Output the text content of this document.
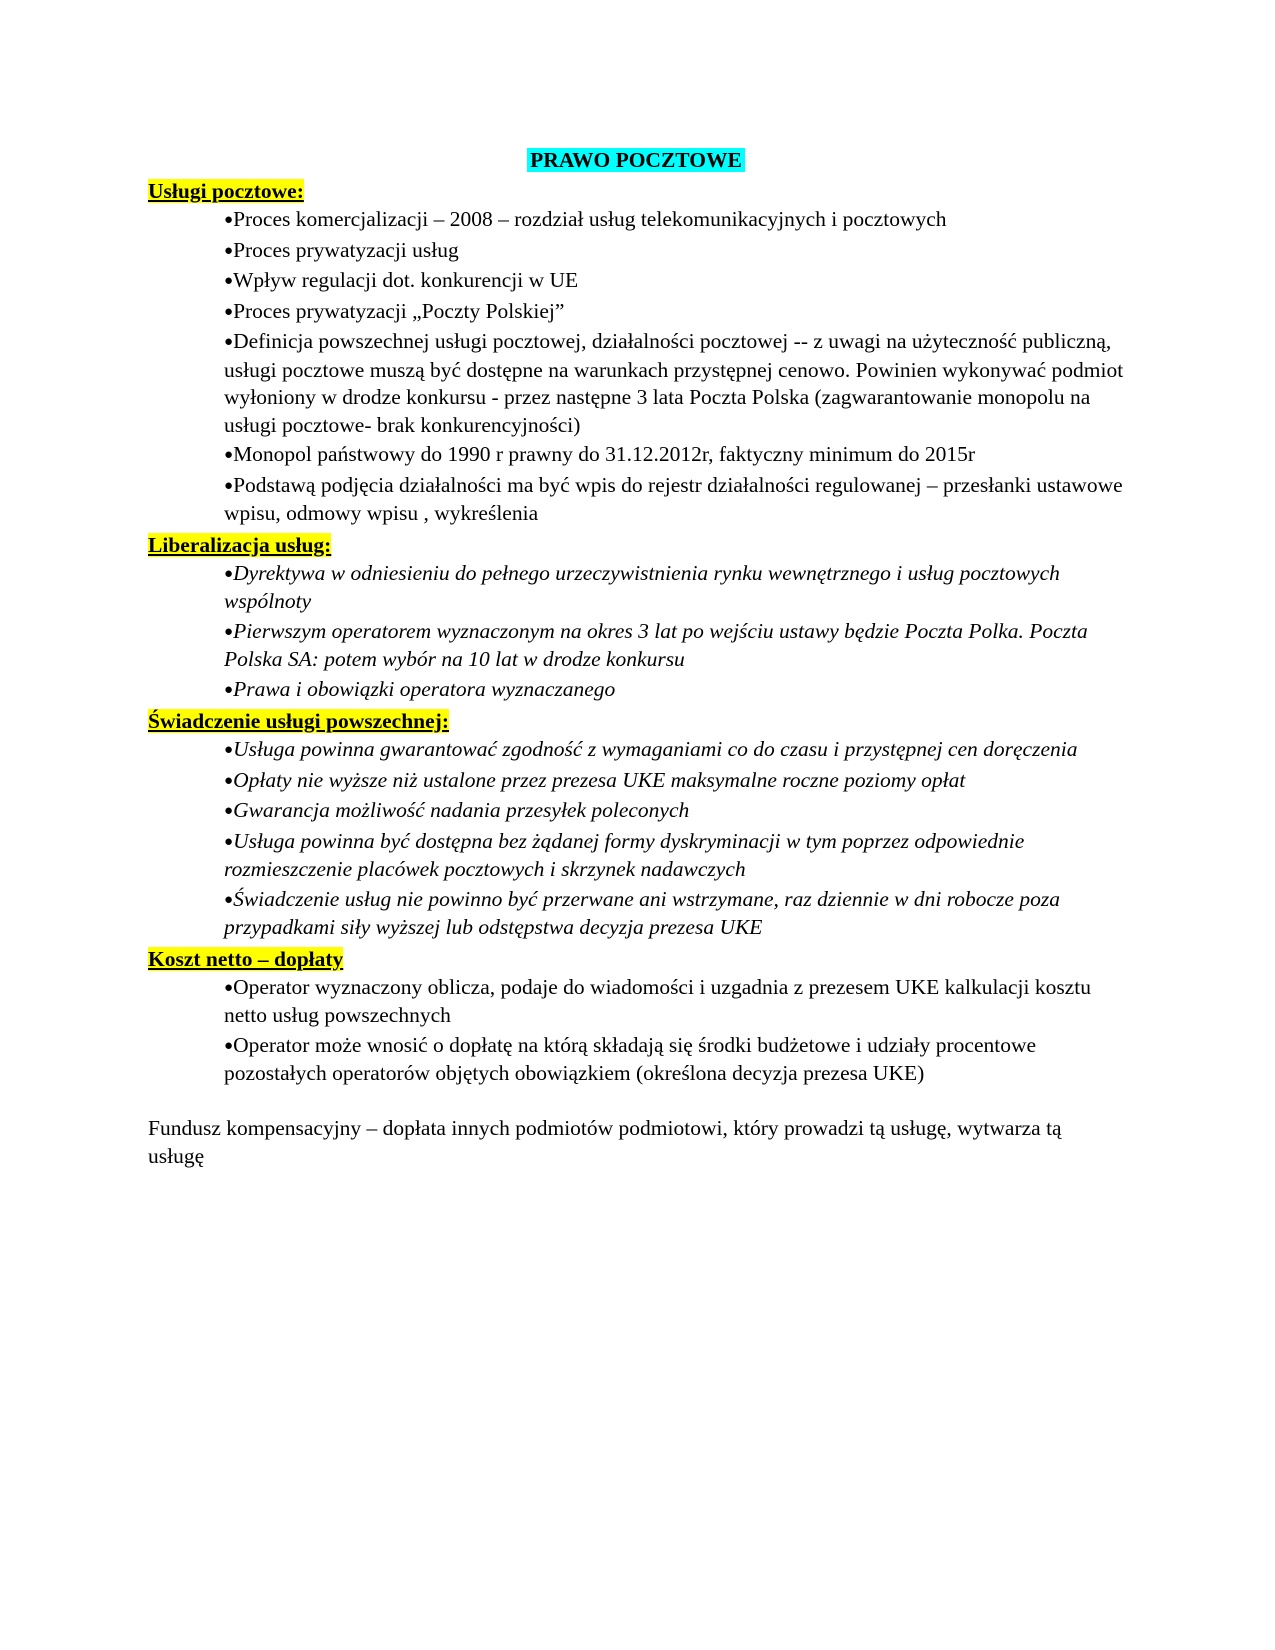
PRAWO POCZTOWE

Usługi pocztowe:

●Proces komercjalizacji – 2008 – rozdział usług telekomunikacyjnych i pocztowych
●Proces prywatyzacji usług
●Wpływ regulacji dot. konkurencji w UE
●Proces prywatyzacji „Poczty Polskiej”
●Definicja powszechnej usługi pocztowej, działalności pocztowej -- z uwagi na użyteczność publiczną, usługi pocztowe muszą być dostępne na warunkach przystępnej cenowo. Powinien wykonywać podmiot wyłoniony w drodze konkursu - przez następne 3 lata Poczta Polska (zagwarantowanie monopolu na usługi pocztowe- brak konkurencyjności)
●Monopol państwowy do 1990 r prawny do 31.12.2012r, faktyczny minimum do 2015r
●Podstawą podjęcia działalności ma być wpis do rejestr działalności regulowanej – przesłanki ustawowe wpisu, odmowy wpisu , wykreślenia

Liberalizacja usług:

●Dyrektywa w odniesieniu do pełnego urzeczywistnienia rynku wewnętrznego i usług pocztowych wspólnoty
●Pierwszym operatorem wyznaczonym na okres 3 lat po wejściu ustawy będzie Poczta Polka. Poczta Polska SA: potem wybór na 10 lat w drodze konkursu
●Prawa i obowiązki operatora wyznaczanego

Świadczenie usługi powszechnej:

●Usługa powinna gwarantować zgodność z wymaganiami co do czasu i przystępnej cen doręczenia
●Opłaty nie wyższe niż ustalone przez prezesa UKE maksymalne roczne poziomy opłat
●Gwarancja możliwość nadania przesyłek poleconych
●Usługa powinna być dostępna bez żądanej formy dyskryminacji w tym poprzez odpowiednie rozmieszczenie placówek pocztowych i skrzynek nadawczych
●Świadczenie usług nie powinno być przerwane ani wstrzymane, raz dziennie w dni robocze poza przypadkami siły wyższej lub odstępstwa decyzja prezesa UKE

Koszt netto – dopłaty

●Operator wyznaczony oblicza, podaje do wiadomości i uzgadnia z prezesem UKE kalkulacji kosztu netto usług powszechnych
●Operator może wnosić o dopłatę na którą składają się środki budżetowe i udziały procentowe pozostałych operatorów objętych obowiązkiem (określona decyzja prezesa UKE)

Fundusz kompensacyjny – dopłata innych podmiotów podmiotowi, który prowadzi tą usługę, wytwarza tą usługę
